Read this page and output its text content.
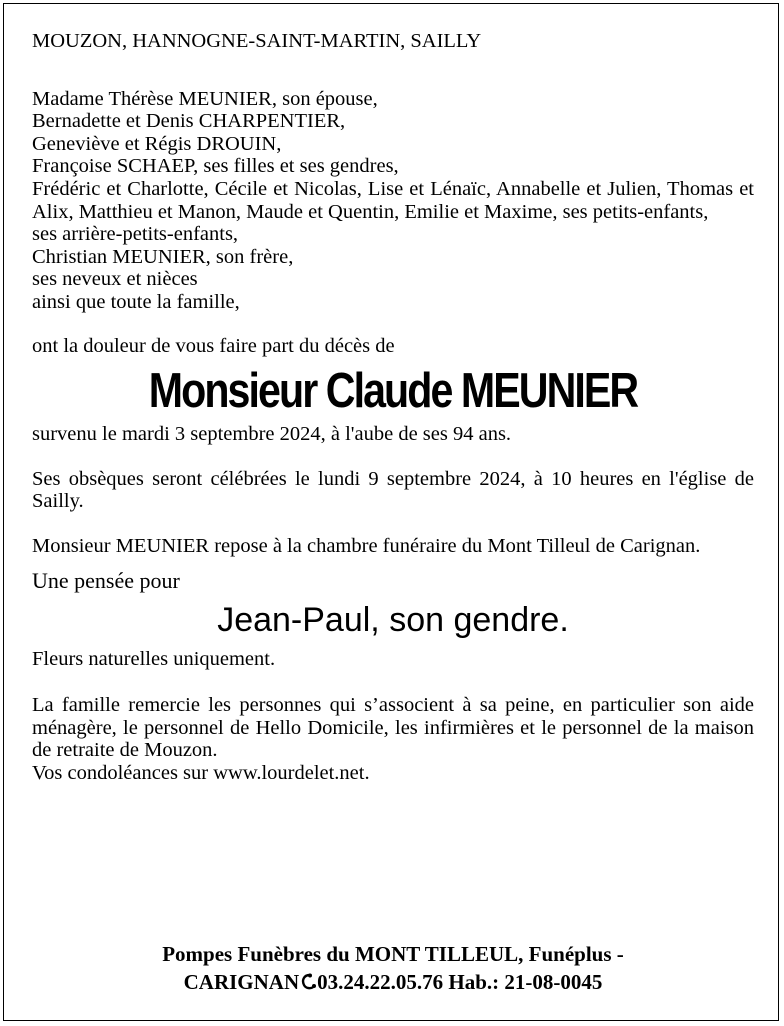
MOUZON, HANNOGNE-SAINT-MARTIN, SAILLY

Madame Thérèse MEUNIER, son épouse,
Bernadette et Denis CHARPENTIER,
Geneviève et Régis DROUIN,
Françoise SCHAEP, ses filles et ses gendres,

Frédéric et Charlotte, Cécile et Nicolas, Lise et Lénaïc, Annabelle et Julien, Thomas et Alix, Matthieu et Manon, Maude et Quentin, Emilie et Maxime, ses petits-enfants,

ses arrière-petits-enfants,
Christian MEUNIER, son frère,
ses neveux et nièces
ainsi que toute la famille,

ont la douleur de vous faire part du décès de

Monsieur Claude MEUNIER

survenu le mardi 3 septembre 2024, à l'aube de ses 94 ans.

Ses obsèques seront célébrées le lundi 9 septembre 2024, à 10 heures en l'église de Sailly.

Monsieur MEUNIER repose à la chambre funéraire du Mont Tilleul de Carignan.

Une pensée pour

Jean-Paul, son gendre.

Fleurs naturelles uniquement.

La famille remercie les personnes qui s’associent à sa peine, en particulier son aide ménagère, le personnel de Hello Domicile, les infirmières et le personnel de la maison de retraite de Mouzon.

Vos condoléances sur www.lourdelet.net.

Pompes Funèbres du MONT TILLEUL, Funéplus -
CARIGNAN 03.24.22.05.76 Hab.: 21-08-0045
